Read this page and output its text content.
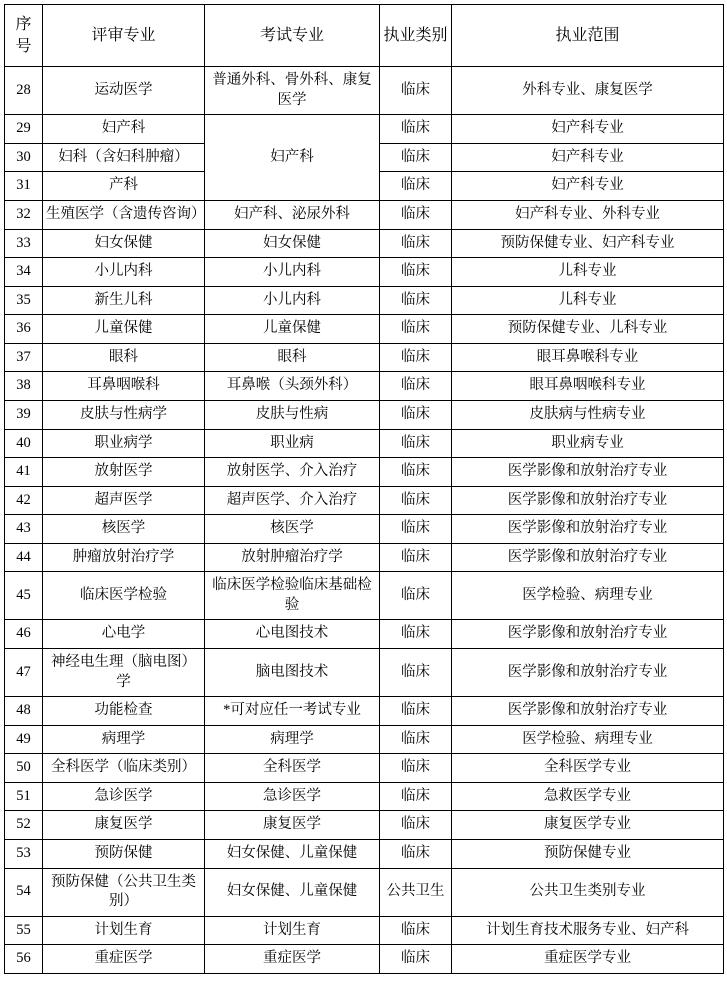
序号	评审专业	考试专业	执业类别	执业范围
28	运动医学	普通外科、骨外科、康复医学	临床	外科专业、康复医学
29	妇产科	妇产科	临床	妇产科专业
30	妇科（含妇科肿瘤）		临床	妇产科专业
31	产科		临床	妇产科专业
32	生殖医学（含遗传咨询）	妇产科、泌尿外科	临床	妇产科专业、外科专业
33	妇女保健	妇女保健	临床	预防保健专业、妇产科专业
34	小儿内科	小儿内科	临床	儿科专业
35	新生儿科	小儿内科	临床	儿科专业
36	儿童保健	儿童保健	临床	预防保健专业、儿科专业
37	眼科	眼科	临床	眼耳鼻喉科专业
38	耳鼻咽喉科	耳鼻喉（头颈外科）	临床	眼耳鼻咽喉科专业
39	皮肤与性病学	皮肤与性病	临床	皮肤病与性病专业
40	职业病学	职业病	临床	职业病专业
41	放射医学	放射医学、介入治疗	临床	医学影像和放射治疗专业
42	超声医学	超声医学、介入治疗	临床	医学影像和放射治疗专业
43	核医学	核医学	临床	医学影像和放射治疗专业
44	肿瘤放射治疗学	放射肿瘤治疗学	临床	医学影像和放射治疗专业
45	临床医学检验	临床医学检验临床基础检验	临床	医学检验、病理专业
46	心电学	心电图技术	临床	医学影像和放射治疗专业
47	神经电生理（脑电图）学	脑电图技术	临床	医学影像和放射治疗专业
48	功能检查	*可对应任一考试专业	临床	医学影像和放射治疗专业
49	病理学	病理学	临床	医学检验、病理专业
50	全科医学（临床类别）	全科医学	临床	全科医学专业
51	急诊医学	急诊医学	临床	急救医学专业
52	康复医学	康复医学	临床	康复医学专业
53	预防保健	妇女保健、儿童保健	临床	预防保健专业
54	预防保健（公共卫生类别）	妇女保健、儿童保健	公共卫生	公共卫生类别专业
55	计划生育	计划生育	临床	计划生育技术服务专业、妇产科
56	重症医学	重症医学	临床	重症医学专业
